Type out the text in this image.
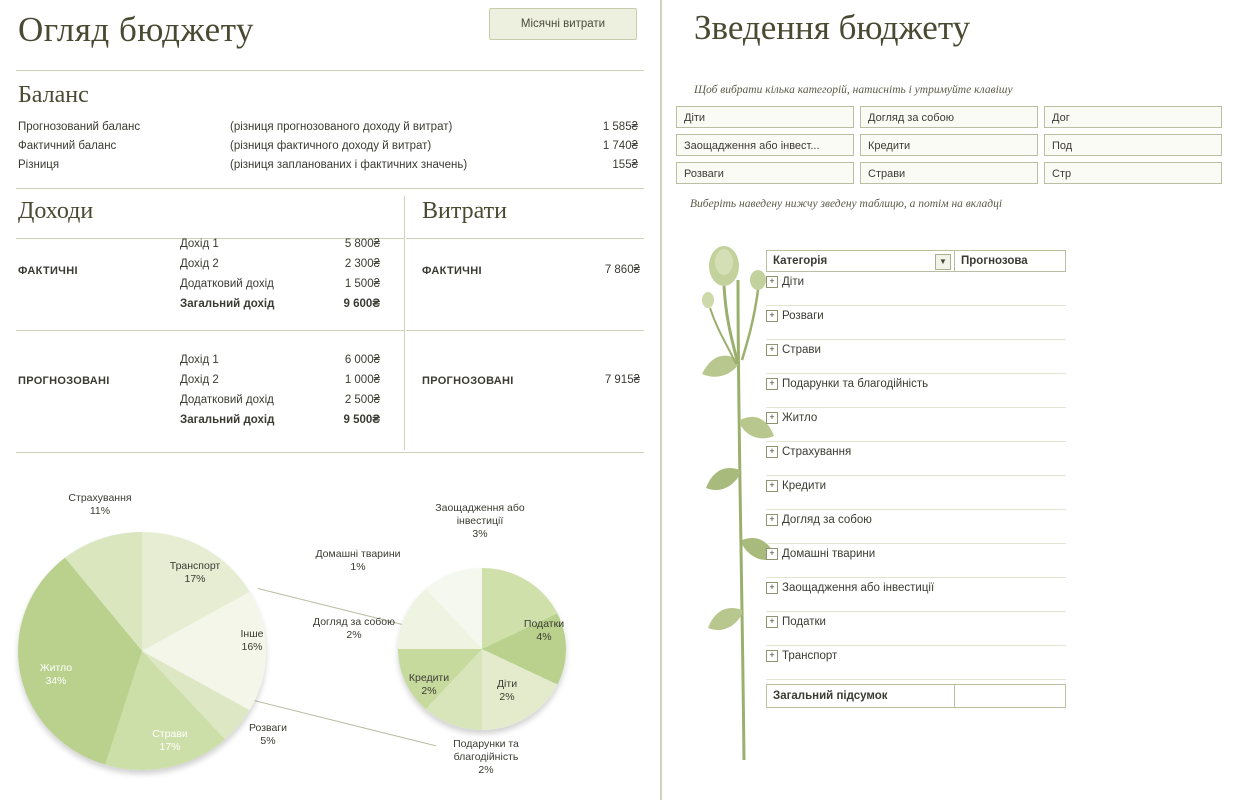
Огляд бюджету	Місячні витрати
Баланс
Прогнозований баланс	(різниця прогнозованого доходу й витрат)	1 585₴
Фактичний баланс	(різниця фактичного доходу й витрат)	1 740₴
Різниця	(різниця запланованих і фактичних значень)	155₴
Доходи	Витрати
ФАКТИЧНІ
Дохід 1	5 800₴
Дохід 2	2 300₴
Додатковий дохід	1 500₴
Загальний дохід	9 600₴
ФАКТИЧНІ	7 860₴
ПРОГНОЗОВАНІ
Дохід 1	6 000₴
Дохід 2	1 000₴
Додатковий дохід	2 500₴
Загальний дохід	9 500₴
ПРОГНОЗОВАНІ	7 915₴
Страхування
11%
Транспорт
17%
Житло
34%
Страви
17%
Розваги
5%
Інше
16%
Заощадження або інвестиції
3%
Домашні тварини
1%
Догляд за собою
2%
Податки
4%
Діти
2%
Кредити
2%
Подарунки та благодійність
2%
Зведення бюджету
Щоб вибрати кілька категорій, натисніть і утримуйте клавішу
Діти	Догляд за собою	Дог
Заощадження або інвест...	Кредити	Под
Розваги	Страви	Стр
Виберіть наведену нижчу зведену таблицю, а потім на вкладці
Категорія	▼	Прогнозова
+ Діти
+ Розваги
+ Страви
+ Подарунки та благодійність
+ Житло
+ Страхування
+ Кредити
+ Догляд за собою
+ Домашні тварини
+ Заощадження або інвестиції
+ Податки
+ Транспорт
Загальний підсумок
